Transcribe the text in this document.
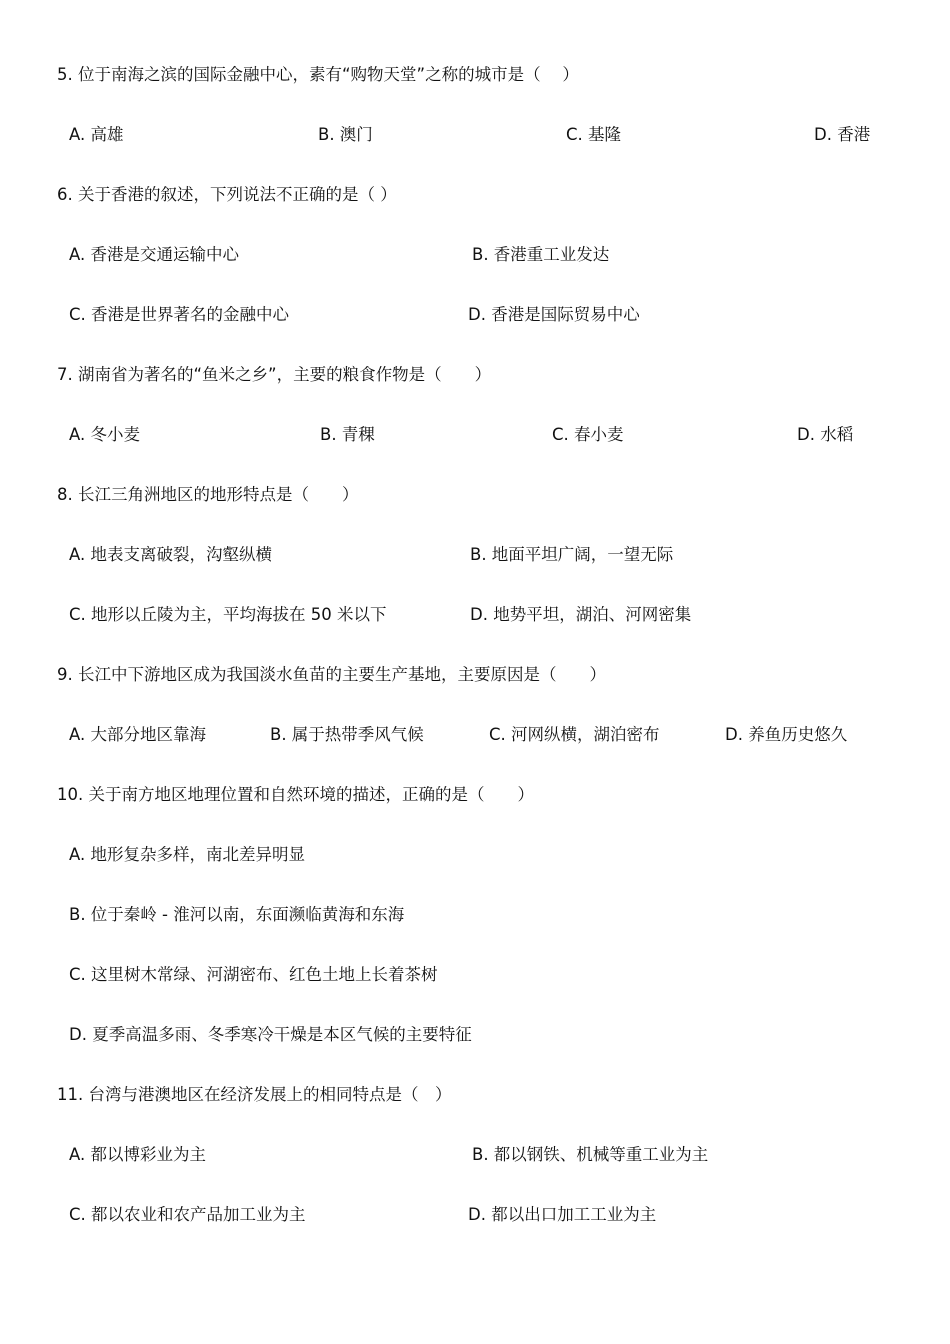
5. 位于南海之滨的国际金融中心，素有“购物天堂”之称的城市是（　 ）
A. 高雄	B. 澳门	C. 基隆	D. 香港
6. 关于香港的叙述，下列说法不正确的是（ ）
A. 香港是交通运输中心	B. 香港重工业发达
C. 香港是世界著名的金融中心	D. 香港是国际贸易中心
7. 湖南省为著名的“鱼米之乡”，主要的粮食作物是（　　）
A. 冬小麦	B. 青稞	C. 春小麦	D. 水稻
8. 长江三角洲地区的地形特点是（　　）
A. 地表支离破裂，沟壑纵横	B. 地面平坦广阔，一望无际
C. 地形以丘陵为主，平均海拔在 50 米以下	D. 地势平坦，湖泊、河网密集
9. 长江中下游地区成为我国淡水鱼苗的主要生产基地，主要原因是（　　）
A. 大部分地区靠海	B. 属于热带季风气候	C. 河网纵横，湖泊密布	D. 养鱼历史悠久
10. 关于南方地区地理位置和自然环境的描述，正确的是（　　）
A. 地形复杂多样，南北差异明显
B. 位于秦岭 - 淮河以南，东面濒临黄海和东海
C. 这里树木常绿、河湖密布、红色土地上长着茶树
D. 夏季高温多雨、冬季寒冷干燥是本区气候的主要特征
11. 台湾与港澳地区在经济发展上的相同特点是（　）
A. 都以博彩业为主	B. 都以钢铁、机械等重工业为主
C. 都以农业和农产品加工业为主	D. 都以出口加工工业为主
